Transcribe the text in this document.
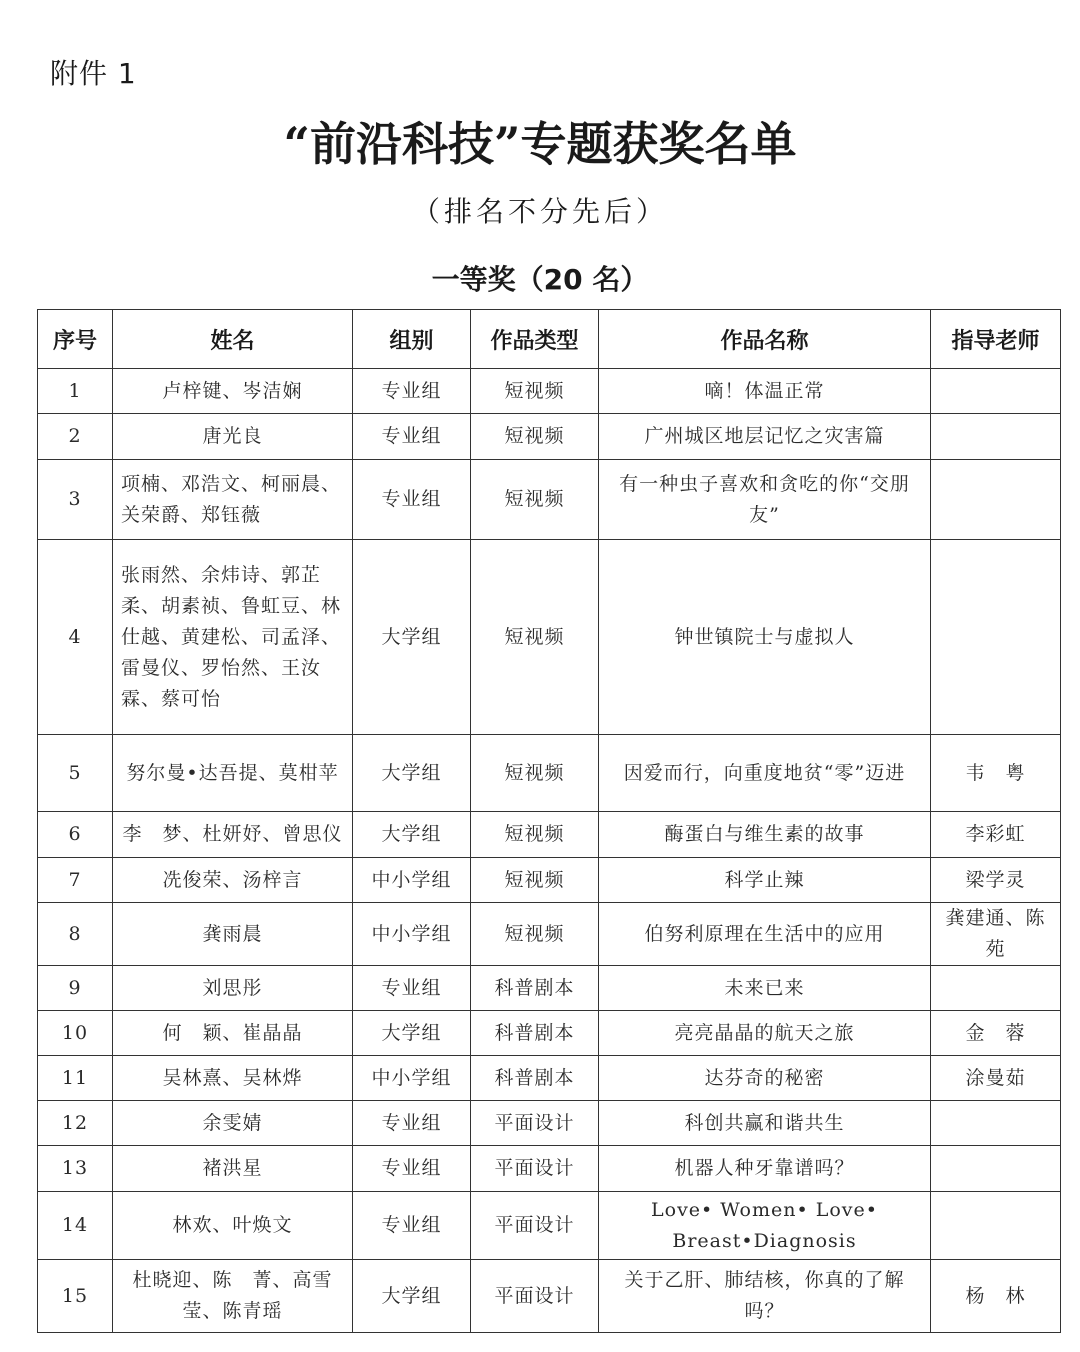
附件 1
“前沿科技”专题获奖名单
（排名不分先后）
一等奖（20 名）
序号	姓名	组别	作品类型	作品名称	指导老师
1	卢梓键、岑洁娴	专业组	短视频	嘀！体温正常	
2	唐光良	专业组	短视频	广州城区地层记忆之灾害篇	
3	项楠、邓浩文、柯丽晨、关荣爵、郑钰薇	专业组	短视频	有一种虫子喜欢和贪吃的你“交朋友”	
4	张雨然、余炜诗、郭芷柔、胡素祯、鲁虹豆、林仕越、黄建松、司孟泽、雷曼仪、罗怡然、王汝霖、蔡可怡	大学组	短视频	钟世镇院士与虚拟人	
5	努尔曼•达吾提、莫柑苹	大学组	短视频	因爱而行，向重度地贫“零”迈进	韦　粤
6	李　梦、杜妍妤、曾思仪	大学组	短视频	酶蛋白与维生素的故事	李彩虹
7	冼俊荣、汤梓言	中小学组	短视频	科学止辣	梁学灵
8	龚雨晨	中小学组	短视频	伯努利原理在生活中的应用	龚建通、陈苑
9	刘思彤	专业组	科普剧本	未来已来	
10	何　颖、崔晶晶	大学组	科普剧本	亮亮晶晶的航天之旅	金　蓉
11	吴林熹、吴林烨	中小学组	科普剧本	达芬奇的秘密	涂曼茹
12	余雯婧	专业组	平面设计	科创共赢和谐共生	
13	褚洪星	专业组	平面设计	机器人种牙靠谱吗？	
14	林欢、叶焕文	专业组	平面设计	Love• Women• Love• Breast•Diagnosis	
15	杜晓迎、陈　菁、高雪莹、陈青瑶	大学组	平面设计	关于乙肝、肺结核，你真的了解吗？	杨　林
